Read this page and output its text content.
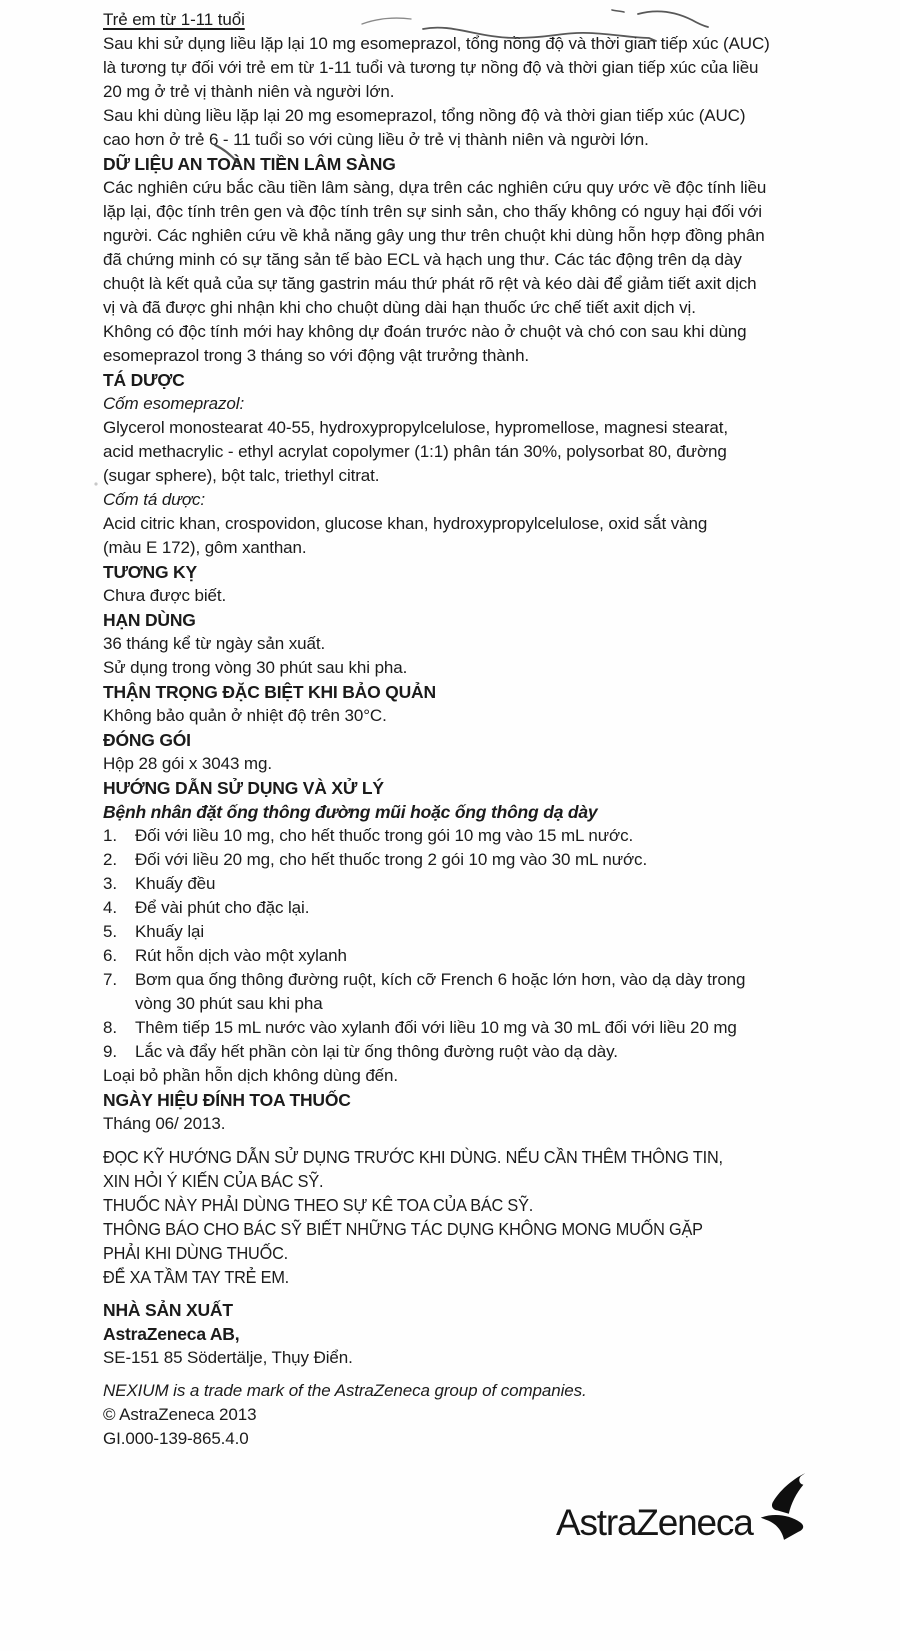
Trẻ em từ 1-11 tuổi
Sau khi sử dụng liều lặp lại 10 mg esomeprazol, tổng nồng độ và thời gian tiếp xúc (AUC)
là tương tự đối với trẻ em từ 1-11 tuổi và tương tự nồng độ và thời gian tiếp xúc của liều
20 mg ở trẻ vị thành niên và người lớn.
Sau khi dùng liều lặp lại 20 mg esomeprazol, tổng nồng độ và thời gian tiếp xúc (AUC)
cao hơn ở trẻ 6 - 11 tuổi so với cùng liều ở trẻ vị thành niên và người lớn.
DỮ LIỆU AN TOÀN TIỀN LÂM SÀNG
Các nghiên cứu bắc cầu tiền lâm sàng, dựa trên các nghiên cứu quy ước về độc tính liều
lặp lại, độc tính trên gen và độc tính trên sự sinh sản, cho thấy không có nguy hại đối với
người. Các nghiên cứu về khả năng gây ung thư trên chuột khi dùng hỗn hợp đồng phân
đã chứng minh có sự tăng sản tế bào ECL và hạch ung thư. Các tác động trên dạ dày
chuột là kết quả của sự tăng gastrin máu thứ phát rõ rệt và kéo dài để giảm tiết axit dịch
vị và đã được ghi nhận khi cho chuột dùng dài hạn thuốc ức chế tiết axit dịch vị.
Không có độc tính mới hay không dự đoán trước nào ở chuột và chó con sau khi dùng
esomeprazol trong 3 tháng so với động vật trưởng thành.
TÁ DƯỢC
Cốm esomeprazol:
Glycerol monostearat 40-55, hydroxypropylcelulose, hypromellose, magnesi stearat,
acid methacrylic - ethyl acrylat copolymer (1:1) phân tán 30%, polysorbat 80, đường
(sugar sphere), bột talc, triethyl citrat.
Cốm tá dược:
Acid citric khan, crospovidon, glucose khan, hydroxypropylcelulose, oxid sắt vàng
(màu E 172), gôm xanthan.
TƯƠNG KỴ
Chưa được biết.
HẠN DÙNG
36 tháng kể từ ngày sản xuất.
Sử dụng trong vòng 30 phút sau khi pha.
THẬN TRỌNG ĐẶC BIỆT KHI BẢO QUẢN
Không bảo quản ở nhiệt độ trên 30°C.
ĐÓNG GÓI
Hộp 28 gói x 3043 mg.
HƯỚNG DẪN SỬ DỤNG VÀ XỬ LÝ
Bệnh nhân đặt ống thông đường mũi hoặc ống thông dạ dày
1. Đối với liều 10 mg, cho hết thuốc trong gói 10 mg vào 15 mL nước.
2. Đối với liều 20 mg, cho hết thuốc trong 2 gói 10 mg vào 30 mL nước.
3. Khuấy đều
4. Để vài phút cho đặc lại.
5. Khuấy lại
6. Rút hỗn dịch vào một xylanh
7. Bơm qua ống thông đường ruột, kích cỡ French 6 hoặc lớn hơn, vào dạ dày trong
vòng 30 phút sau khi pha
8. Thêm tiếp 15 mL nước vào xylanh đối với liều 10 mg và 30 mL đối với liều 20 mg
9. Lắc và đẩy hết phần còn lại từ ống thông đường ruột vào dạ dày.
Loại bỏ phần hỗn dịch không dùng đến.
NGÀY HIỆU ĐÍNH TOA THUỐC
Tháng 06/ 2013.
ĐỌC KỸ HƯỚNG DẪN SỬ DỤNG TRƯỚC KHI DÙNG. NẾU CẦN THÊM THÔNG TIN,
XIN HỎI Ý KIẾN CỦA BÁC SỸ.
THUỐC NÀY PHẢI DÙNG THEO SỰ KÊ TOA CỦA BÁC SỸ.
THÔNG BÁO CHO BÁC SỸ BIẾT NHỮNG TÁC DỤNG KHÔNG MONG MUỐN GẶP
PHẢI KHI DÙNG THUỐC.
ĐỂ XA TẦM TAY TRẺ EM.
NHÀ SẢN XUẤT
AstraZeneca AB,
SE-151 85 Södertälje, Thụy Điển.
NEXIUM is a trade mark of the AstraZeneca group of companies.
© AstraZeneca 2013
GI.000-139-865.4.0
AstraZeneca
